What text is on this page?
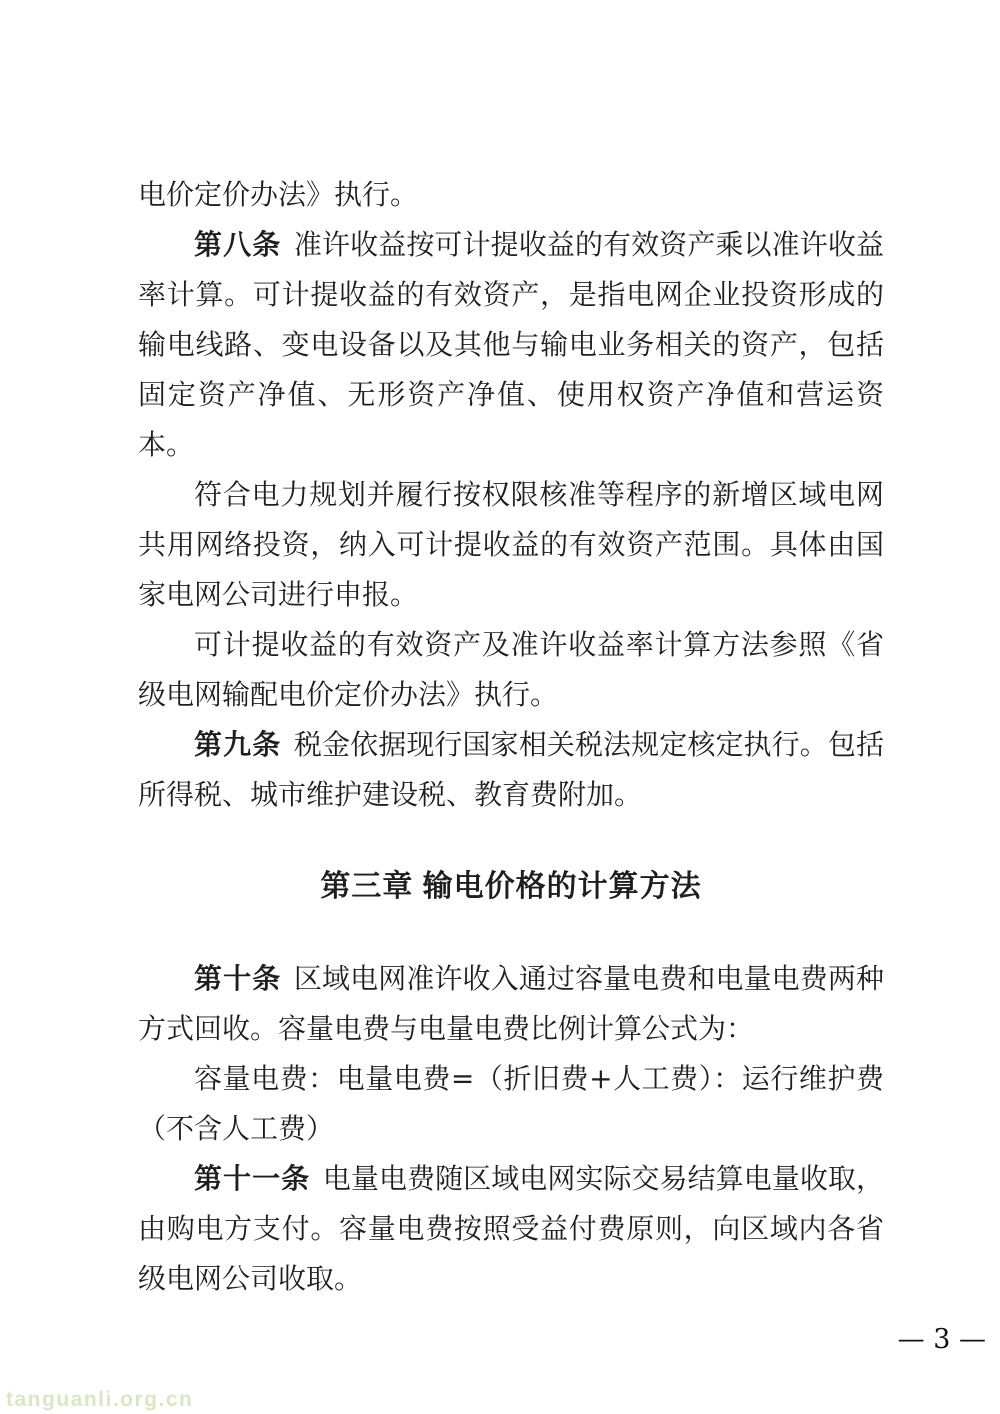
电价定价办法》执行。

第八条 准许收益按可计提收益的有效资产乘以准许收益率计算。可计提收益的有效资产，是指电网企业投资形成的输电线路、变电设备以及其他与输电业务相关的资产，包括固定资产净值、无形资产净值、使用权资产净值和营运资本。

符合电力规划并履行按权限核准等程序的新增区域电网共用网络投资，纳入可计提收益的有效资产范围。具体由国家电网公司进行申报。

可计提收益的有效资产及准许收益率计算方法参照《省级电网输配电价定价办法》执行。

第九条 税金依据现行国家相关税法规定核定执行。包括所得税、城市维护建设税、教育费附加。

第三章 输电价格的计算方法

第十条 区域电网准许收入通过容量电费和电量电费两种方式回收。容量电费与电量电费比例计算公式为：

容量电费：电量电费=（折旧费+人工费）：运行维护费（不含人工费）

第十一条 电量电费随区域电网实际交易结算电量收取，由购电方支付。容量电费按照受益付费原则，向区域内各省级电网公司收取。

— 3 —
tanguanli.org.cn
